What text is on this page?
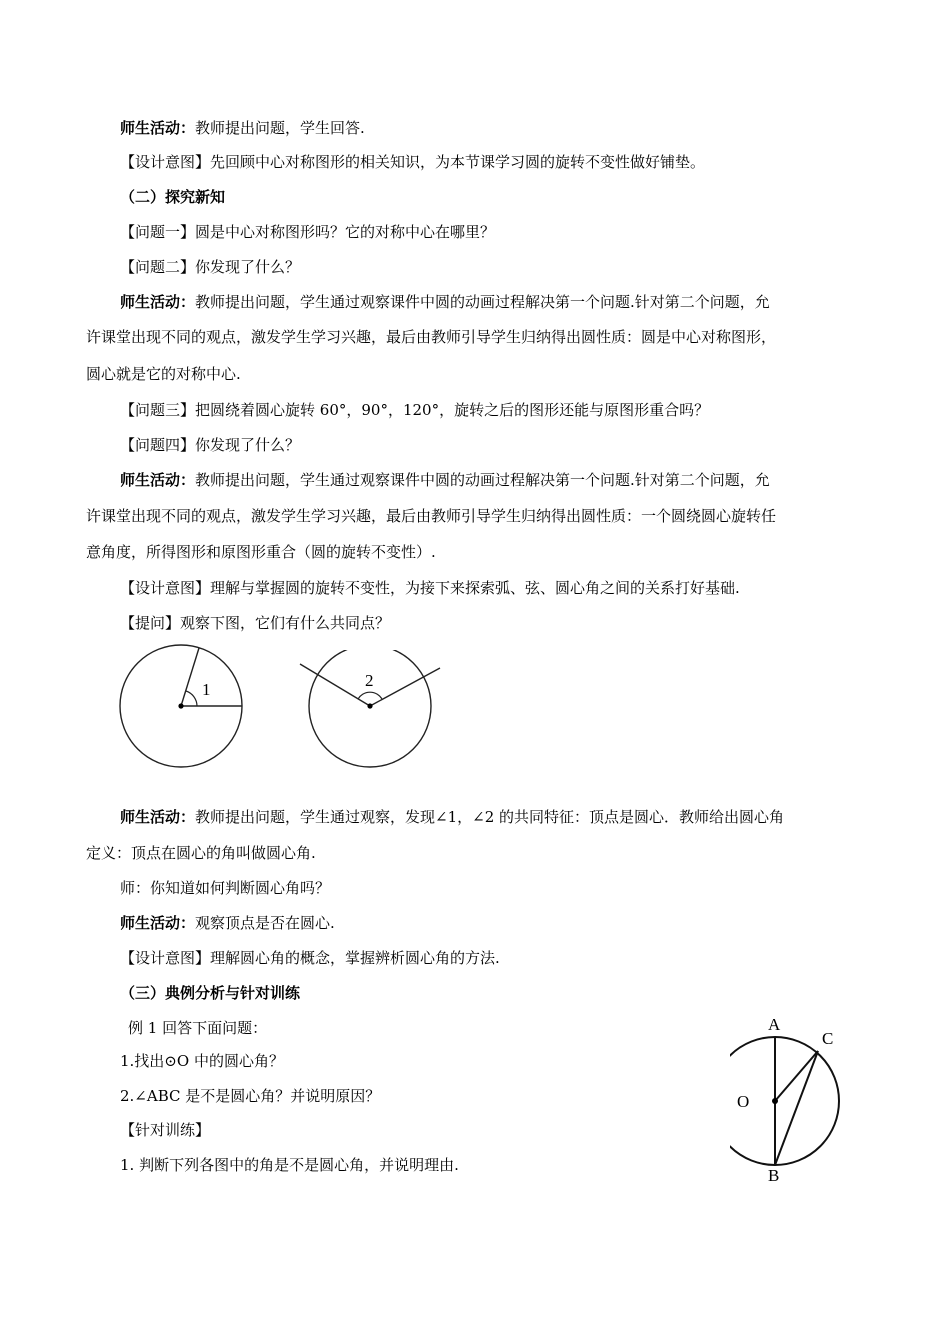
师生活动：教师提出问题，学生回答.
【设计意图】先回顾中心对称图形的相关知识，为本节课学习圆的旋转不变性做好铺垫。
（二）探究新知
【问题一】圆是中心对称图形吗？它的对称中心在哪里？
【问题二】你发现了什么？
师生活动：教师提出问题，学生通过观察课件中圆的动画过程解决第一个问题.针对第二个问题，允
许课堂出现不同的观点，激发学生学习兴趣，最后由教师引导学生归纳得出圆性质：圆是中心对称图形，
圆心就是它的对称中心.
【问题三】把圆绕着圆心旋转 60°，90°，120°，旋转之后的图形还能与原图形重合吗？
【问题四】你发现了什么？
师生活动：教师提出问题，学生通过观察课件中圆的动画过程解决第一个问题.针对第二个问题，允
许课堂出现不同的观点，激发学生学习兴趣，最后由教师引导学生归纳得出圆性质：一个圆绕圆心旋转任
意角度，所得图形和原图形重合（圆的旋转不变性）.
【设计意图】理解与掌握圆的旋转不变性，为接下来探索弧、弦、圆心角之间的关系打好基础.
【提问】观察下图，它们有什么共同点？
1	2
师生活动：教师提出问题，学生通过观察，发现∠1，∠2 的共同特征：顶点是圆心．教师给出圆心角
定义：顶点在圆心的角叫做圆心角.
师：你知道如何判断圆心角吗？
师生活动：观察顶点是否在圆心.
【设计意图】理解圆心角的概念，掌握辨析圆心角的方法.
（三）典例分析与针对训练
例 1 回答下面问题：
1.找出⊙O 中的圆心角？
2.∠ABC 是不是圆心角？并说明原因？
【针对训练】
1. 判断下列各图中的角是不是圆心角，并说明理由.
A
C
O
B
